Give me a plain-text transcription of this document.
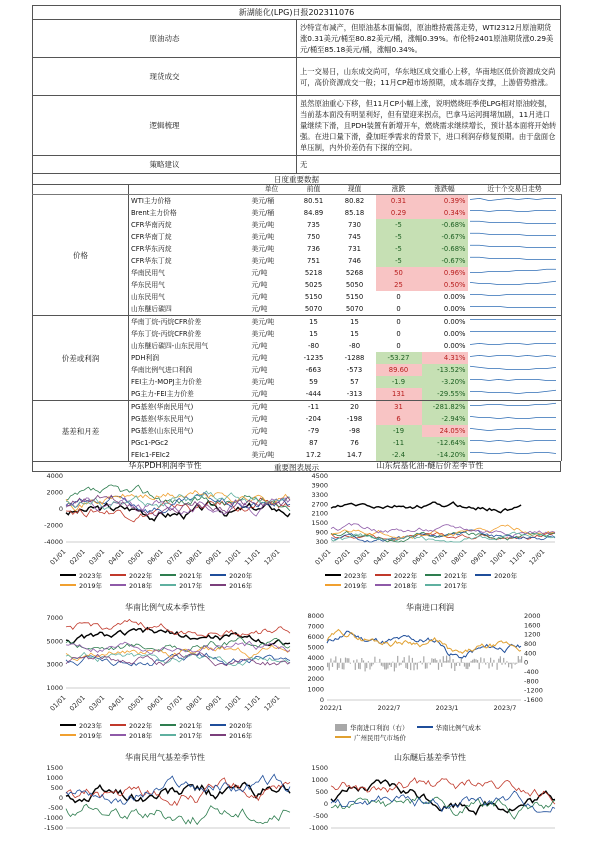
新湖能化(LPG)日报202311076	
原油动态	沙特宣布减产，但原油基本面偏弱，原油维持震荡走势，WTI2312月原油期货涨0.31美元/桶至80.82美元/桶，涨幅0.39%。布伦特2401原油期货涨0.29美元/桶至85.18美元/桶，涨幅0.34%。
现货成交	上一交易日，山东成交尚可，华东地区成交重心上移，华南地区低价资源成交尚可，高价资源成交一般；11月CP超市场预期，成本端存支撑，上游借势推涨。
逻辑梳理	虽然原油重心下移，但11月CP小幅上涨，说明燃烧旺季使LPG相对原油较强，当前基本面没有明显利好，但有望迎来拐点，巴拿马运河拥堵加剧，11月进口量继续下滑，且PDH装置有新增开车，燃烧需求继续增长，预计基本面将开始转强。在进口量下滑，叠加旺季需求的背景下，进口利润存修复预期。由于盘面仓单压制，内外价差仍有下探的空间。
策略建议	无
日度重要数据
		单位	前值	现值	涨跌	涨跌幅	近十个交易日走势
价格	WTI主力价格	美元/桶	80.51	80.82	0.31	0.39%	
	Brent主力价格	美元/桶	84.89	85.18	0.29	0.34%	
	CFR华南丙烷	美元/吨	735	730	-5	-0.68%	
	CFR华南丁烷	美元/吨	750	745	-5	-0.67%	
	CFR华东丙烷	美元/吨	736	731	-5	-0.68%	
	CFR华东丁烷	美元/吨	751	746	-5	-0.67%	
	华南民用气	元/吨	5218	5268	50	0.96%	
	华东民用气	元/吨	5025	5050	25	0.50%	
	山东民用气	元/吨	5150	5150	0	0.00%	
	山东醚后碳四	元/吨	5070	5070	0	0.00%	
价差或利润	华南丁烷-丙烷CFR价差	美元/吨	15	15	0	0.00%	
	华东丁烷-丙烷CFR价差	美元/吨	15	15	0	0.00%	
	山东醚后碳四-山东民用气	元/吨	-80	-80	0	0.00%	
	PDH利润	元/吨	-1235	-1288	-53.27	4.31%	
	华南比例气进口利润	元/吨	-663	-573	89.60	-13.52%	
	FEI主力-MOPJ主力价差	美元/吨	59	57	-1.9	-3.20%	
	PG主力-FEI主力价差	元/吨	-444	-313	131	-29.55%	
基差和月差	PG基差(华南民用气)	元/吨	-11	20	31	-281.82%	
	PG基差(华东民用气)	元/吨	-204	-198	6	-2.94%	
	PG基差(山东民用气)	元/吨	-79	-98	-19	24.05%	
	PGc1-PGc2	元/吨	87	76	-11	-12.64%	
	FEIc1-FEIc2	美元/吨	17.2	14.7	-2.4	-14.20%	
重要图表展示
华东PDH利润季节性
4000
2000
0
-2000
-4000
01/01 02/01 03/01 04/01 05/01 06/01 07/01 08/01 09/01 10/01 11/01 12/01
2023年	2022年	2021年	2020年
2019年	2018年	2017年	2016年
山东烷基化油-醚后价差季节性
4500
3900
3300
2700
2100
1500
900
300
01/01 02/01 03/01 04/01 05/01 06/01 07/01 08/01 09/01 10/01 11/01 12/01
2023年	2022年	2021年	2020年
2019年	2018年	2017年
华南比例气成本季节性
7000
5000
3000
1000
01/01 02/01 03/01 04/01 05/01 06/01 07/01 08/01 09/01 10/01 11/01 12/01
2023年	2022年	2021年	2020年
2019年	2018年	2017年	2016年
华南进口利润
8000
7000
6000
5000
4000
3000
2000
1000
0
2000
1600
1200
800
400
0
-400
-800
-1200
-1600
2022/1	2022/7	2023/1	2023/7
华南进口利润（右）	华南比例气成本
广州民用气市场价
华南民用气基差季节性
1500
1000
500
0
-500
-1000
-1500
山东醚后基差季节性
1500
1000
500
0
-500
-1000
